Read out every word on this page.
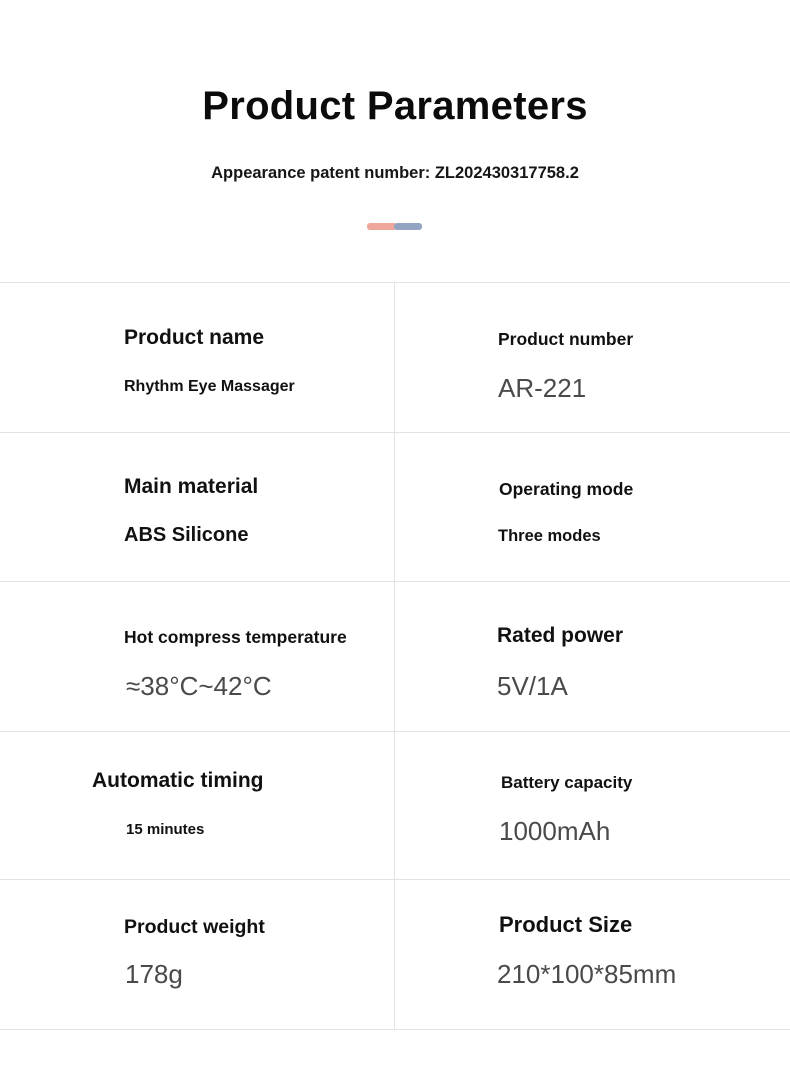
Product Parameters
Appearance patent number: ZL202430317758.2
Product name
Rhythm Eye Massager
Product number
AR-221
Main material
ABS Silicone
Operating mode
Three modes
Hot compress temperature
≈38°C~42°C
Rated power
5V/1A
Automatic timing
15 minutes
Battery capacity
1000mAh
Product weight
178g
Product Size
210*100*85mm
